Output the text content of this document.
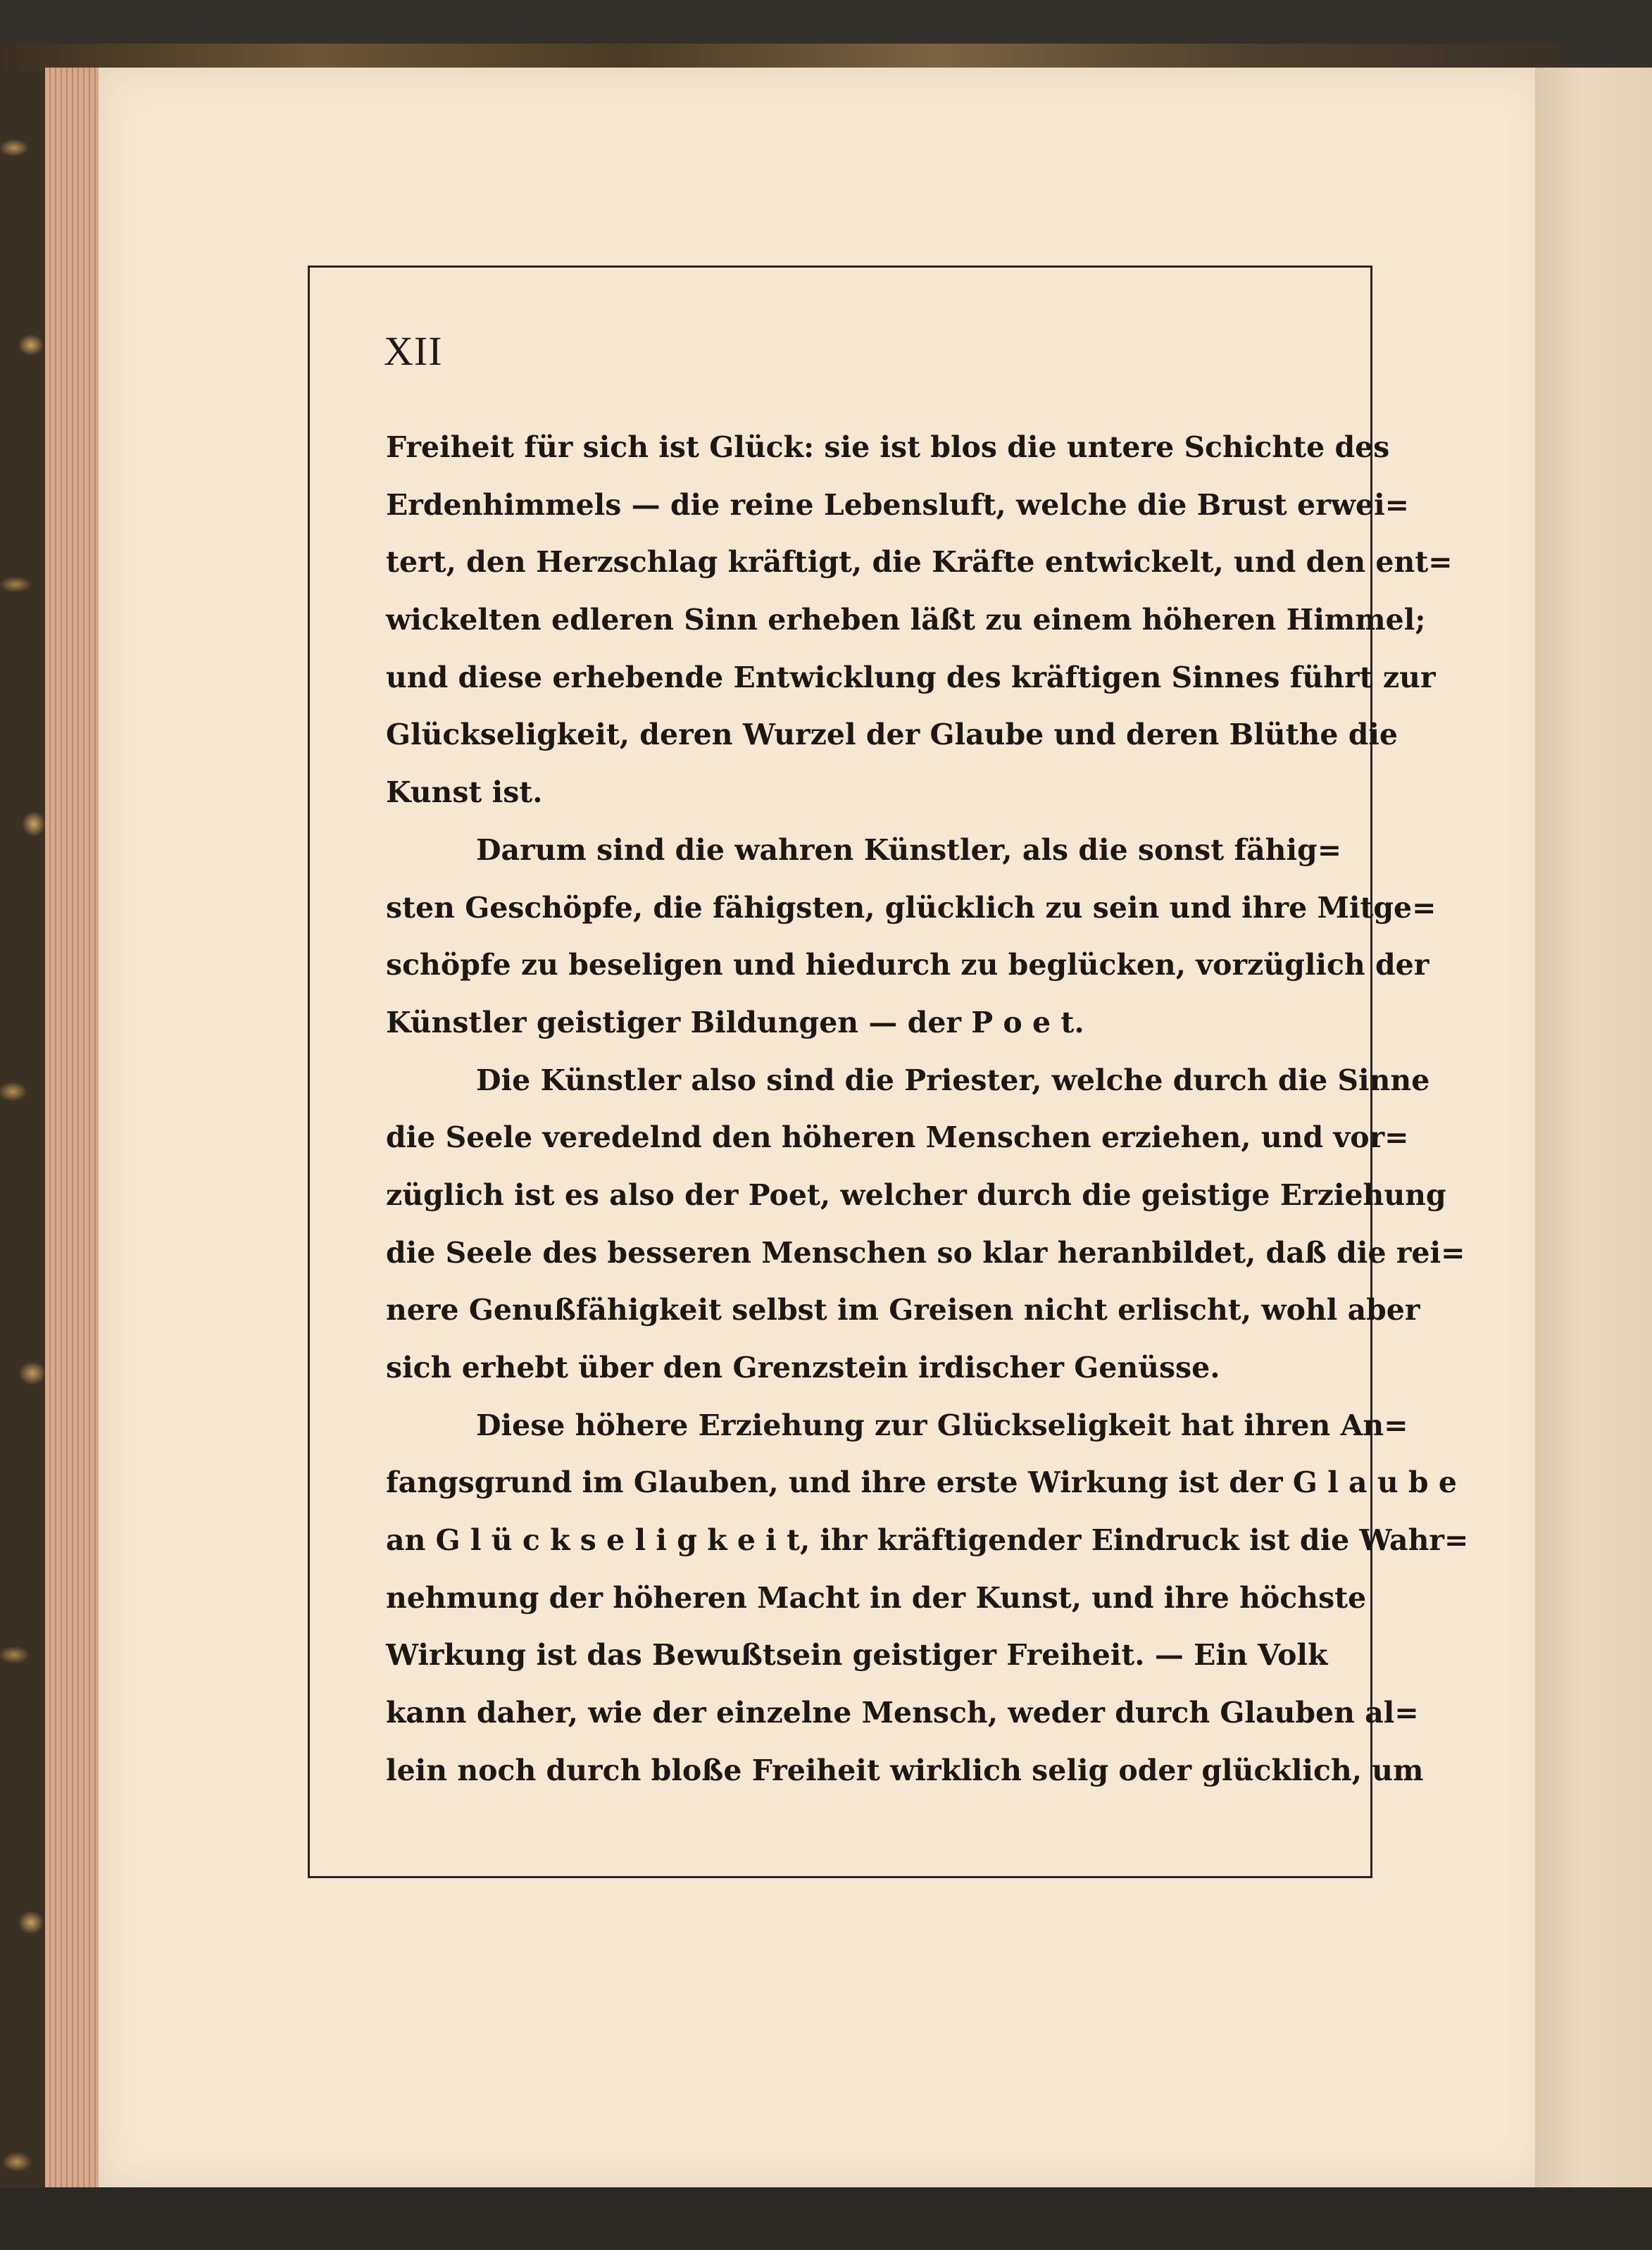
XII
Freiheit für sich ist Glück: sie ist blos die untere Schichte des
Erdenhimmels — die reine Lebensluft, welche die Brust erwei=
tert, den Herzschlag kräftigt, die Kräfte entwickelt, und den ent=
wickelten edleren Sinn erheben läßt zu einem höheren Himmel;
und diese erhebende Entwicklung des kräftigen Sinnes führt zur
Glückseligkeit, deren Wurzel der Glaube und deren Blüthe die
Kunst ist.
Darum sind die wahren Künstler, als die sonst fähig=
sten Geschöpfe, die fähigsten, glücklich zu sein und ihre Mitge=
schöpfe zu beseligen und hiedurch zu beglücken, vorzüglich der
Künstler geistiger Bildungen — der P o e t.
Die Künstler also sind die Priester, welche durch die Sinne
die Seele veredelnd den höheren Menschen erziehen, und vor=
züglich ist es also der Poet, welcher durch die geistige Erziehung
die Seele des besseren Menschen so klar heranbildet, daß die rei=
nere Genußfähigkeit selbst im Greisen nicht erlischt, wohl aber
sich erhebt über den Grenzstein irdischer Genüsse.
Diese höhere Erziehung zur Glückseligkeit hat ihren An=
fangsgrund im Glauben, und ihre erste Wirkung ist der G l a u b e
an G l ü c k s e l i g k e i t, ihr kräftigender Eindruck ist die Wahr=
nehmung der höheren Macht in der Kunst, und ihre höchste
Wirkung ist das Bewußtsein geistiger Freiheit. — Ein Volk
kann daher, wie der einzelne Mensch, weder durch Glauben al=
lein noch durch bloße Freiheit wirklich selig oder glücklich, um
